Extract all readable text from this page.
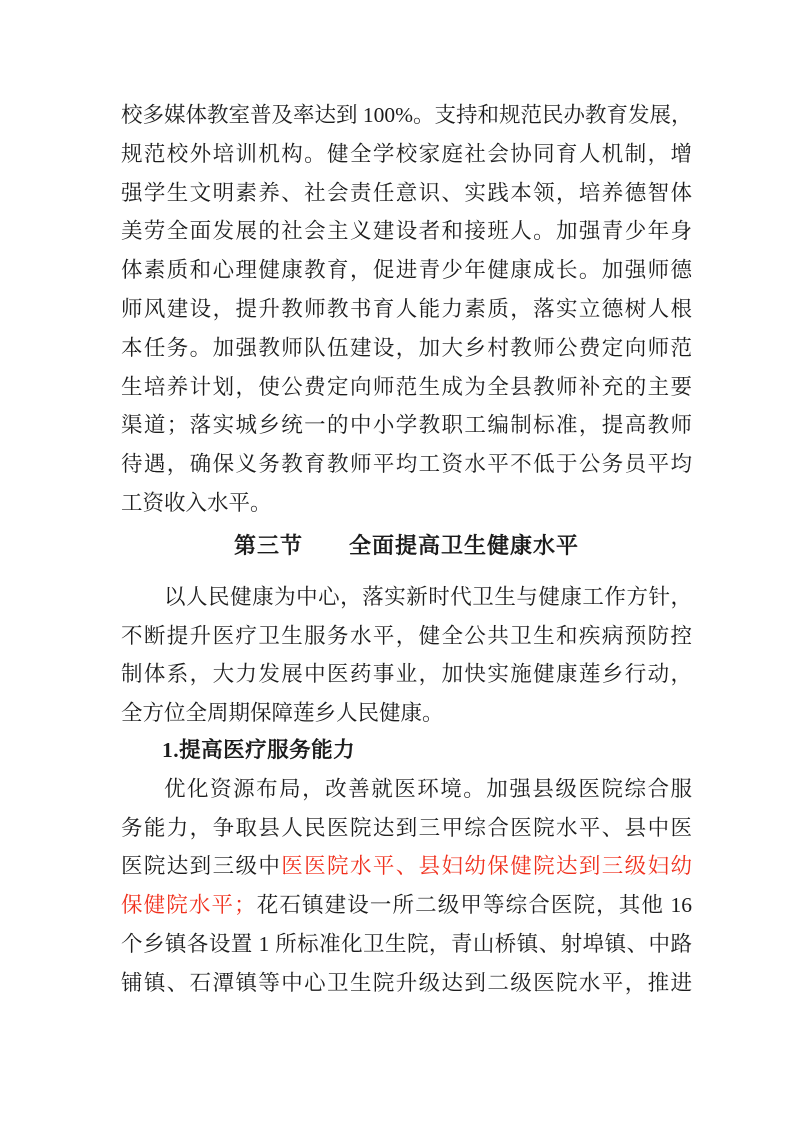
校多媒体教室普及率达到 100%。支持和规范民办教育发展，
规范校外培训机构。健全学校家庭社会协同育人机制，增
强学生文明素养、社会责任意识、实践本领，培养德智体
美劳全面发展的社会主义建设者和接班人。加强青少年身
体素质和心理健康教育，促进青少年健康成长。加强师德
师风建设，提升教师教书育人能力素质，落实立德树人根
本任务。加强教师队伍建设，加大乡村教师公费定向师范
生培养计划，使公费定向师范生成为全县教师补充的主要
渠道；落实城乡统一的中小学教职工编制标准，提高教师
待遇，确保义务教育教师平均工资水平不低于公务员平均
工资收入水平。
第三节　　全面提高卫生健康水平
以人民健康为中心，落实新时代卫生与健康工作方针，
不断提升医疗卫生服务水平，健全公共卫生和疾病预防控
制体系，大力发展中医药事业，加快实施健康莲乡行动，
全方位全周期保障莲乡人民健康。
1.提高医疗服务能力
优化资源布局，改善就医环境。加强县级医院综合服
务能力，争取县人民医院达到三甲综合医院水平、县中医
医院达到三级中医医院水平、县妇幼保健院达到三级妇幼
保健院水平；花石镇建设一所二级甲等综合医院，其他 16
个乡镇各设置 1 所标准化卫生院，青山桥镇、射埠镇、中路
铺镇、石潭镇等中心卫生院升级达到二级医院水平，推进
